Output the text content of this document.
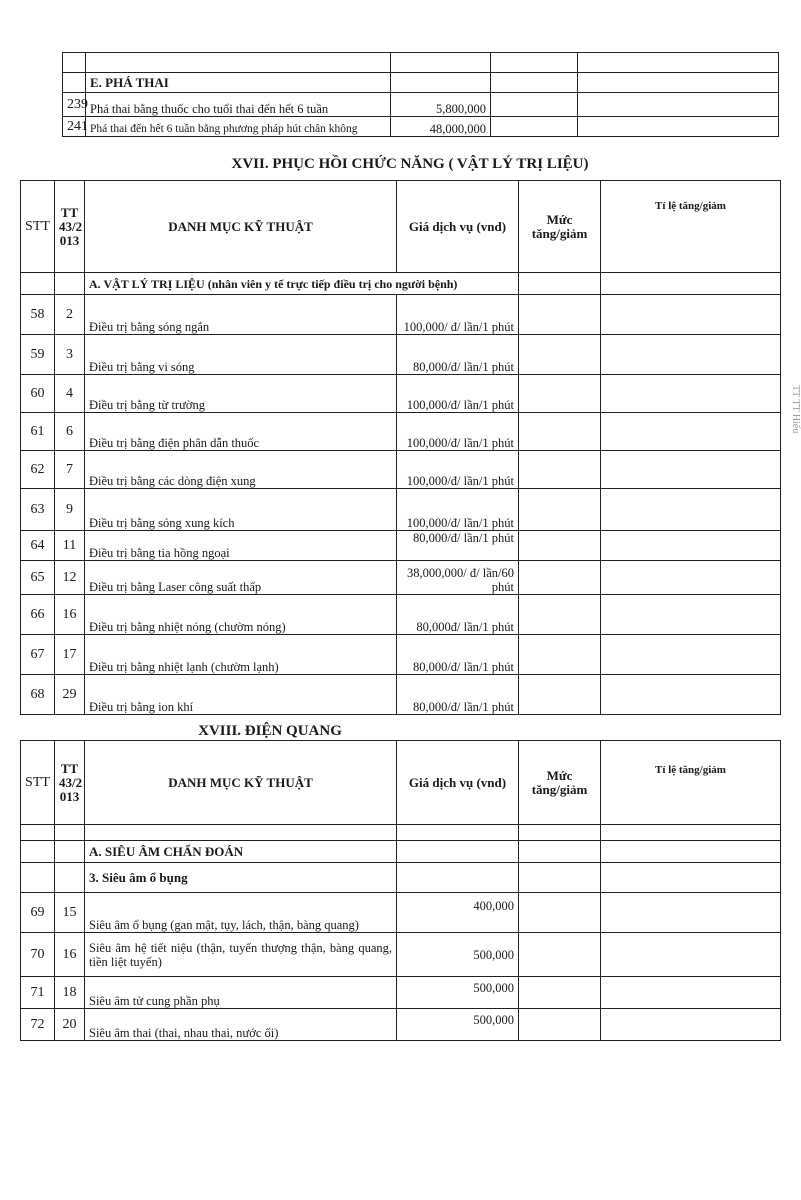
	E. PHÁ THAI			
239	Phá thai bằng thuốc cho tuổi thai đến hết 6 tuần	5,800,000		
241	Phá thai đến hết 6 tuần bằng phương pháp hút chân không	48,000,000		
XVII. PHỤC HỒI CHỨC NĂNG ( VẬT LÝ TRỊ LIỆU)
STT	TT 43/2 013	DANH MỤC KỸ THUẬT	Giá dịch vụ (vnd)	Mức tăng/giảm	Tỉ lệ tăng/giảm
		A. VẬT LÝ TRỊ LIỆU (nhân viên y tế trực tiếp điều trị cho người bệnh)			
58	2	Điều trị bằng sóng ngắn	100,000/ đ/ lần/1 phút		
59	3	Điều trị bằng vi sóng	80,000/đ/ lần/1 phút		
60	4	Điều trị bằng từ trường	100,000/đ/ lần/1 phút		
61	6	Điều trị bằng điện phân dẫn thuốc	100,000/đ/ lần/1 phút		
62	7	Điều trị bằng các dòng điện xung	100,000/đ/ lần/1 phút		
63	9	Điều trị bằng sóng xung kích	100,000/đ/ lần/1 phút		
64	11	Điều trị bằng tia hồng ngoại	80,000/đ/ lần/1 phút		
65	12	Điều trị bằng Laser công suất thấp	38,000,000/ đ/ lần/60 phút		
66	16	Điều trị bằng nhiệt nóng (chườm nóng)	80,000đ/ lần/1 phút		
67	17	Điều trị bằng nhiệt lạnh (chườm lạnh)	80,000/đ/ lần/1 phút		
68	29	Điều trị bằng ion khí	80,000/đ/ lần/1 phút		
XVIII. ĐIỆN QUANG
STT	TT 43/2 013	DANH MỤC KỸ THUẬT	Giá dịch vụ (vnd)	Mức tăng/giảm	Tỉ lệ tăng/giảm

		A. SIÊU ÂM CHẨN ĐOÁN			
		3. Siêu âm ổ bụng			
69	15	Siêu âm ổ bụng (gan mật, tụy, lách, thận, bàng quang)	400,000		
70	16	Siêu âm hệ tiết niệu (thận, tuyến thượng thận, bàng quang, tiền liệt tuyến)	500,000		
71	18	Siêu âm tử cung phần phụ	500,000		
72	20	Siêu âm thai (thai, nhau thai, nước ối)	500,000		
TT TT Hiếu
